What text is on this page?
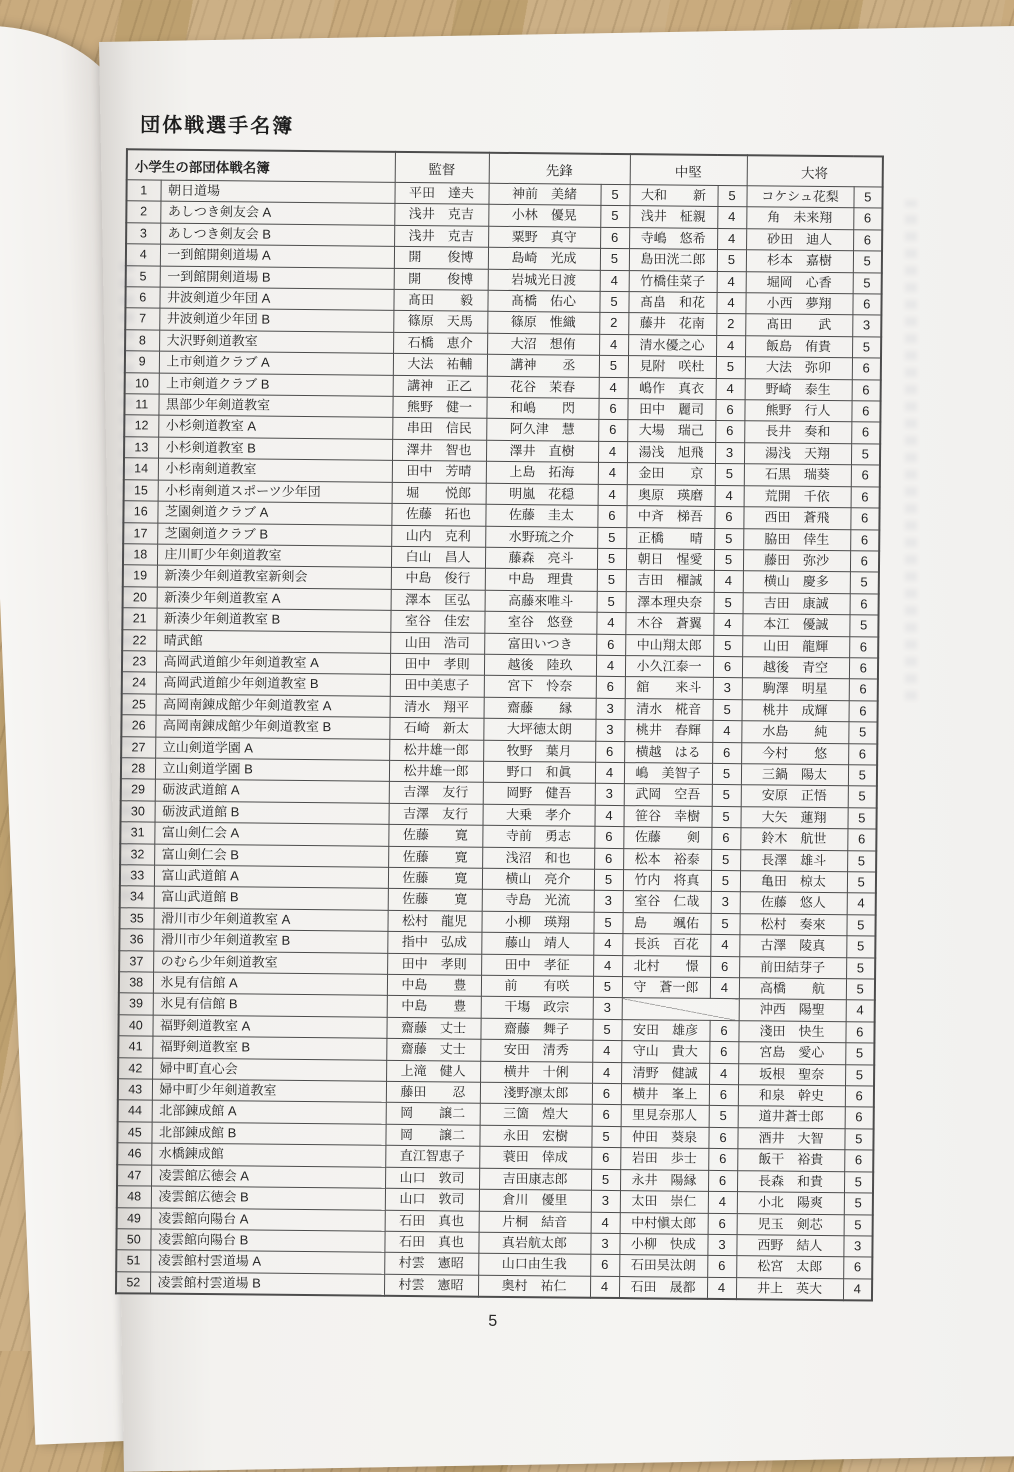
団体戦選手名簿
小学生の部団体戦名簿		監督	先鋒		中堅		大将	
1	朝日道場	平田　達夫	神前　美緒	5	大和　　新	5	コケシュ花梨	5
2	あしつき剣友会 A	浅井　克吉	小林　優晃	5	浅井　柾親	4	角　未来翔	6
3	あしつき剣友会 B	浅井　克吉	粟野　真守	6	寺嶋　悠希	4	砂田　迪人	6
4	一到館開剣道場 A	開　　俊博	島崎　光成	5	島田洸二郎	5	杉本　嘉樹	5
5	一到館開剣道場 B	開　　俊博	岩城光日渡	4	竹橋佳菜子	4	堀岡　心香	5
6	井波剣道少年団 A	髙田　　毅	髙橋　佑心	5	髙畠　和花	4	小西　夢翔	6
7	井波剣道少年団 B	篠原　天馬	篠原　惟織	2	藤井　花南	2	髙田　　武	3
8	大沢野剣道教室	石橋　恵介	大沼　想侑	4	清水優之心	4	飯島　侑貴	5
9	上市剣道クラブ A	大法　祐輔	講神　　丞	5	見附　咲杜	5	大法　弥卯	6
10	上市剣道クラブ B	講神　正乙	花谷　茉春	4	嶋作　真衣	4	野崎　泰生	6
11	黒部少年剣道教室	熊野　健一	和嶋　　閃	6	田中　麗司	6	熊野　行人	6
12	小杉剣道教室 A	串田　信民	阿久津　慧	6	大場　瑞己	6	長井　奏和	6
13	小杉剣道教室 B	澤井　智也	澤井　直樹	4	湯浅　旭飛	3	湯浅　天翔	5
14	小杉南剣道教室	田中　芳晴	上島　拓海	4	金田　　京	5	石黒　瑞葵	6
15	小杉南剣道スポーツ少年団	堀　　悦郎	明嵐　花穏	4	奥原　瑛磨	4	荒開　千依	6
16	芝園剣道クラブ A	佐藤　拓也	佐藤　圭太	6	中斉　梯吾	6	西田　蒼飛	6
17	芝園剣道クラブ B	山内　克利	水野琉之介	5	正橋　　晴	5	脇田　倖生	6
18	庄川町少年剣道教室	白山　昌人	藤森　亮斗	5	朝日　惺愛	5	藤田　弥沙	6
19	新湊少年剣道教室新剣会	中島　俊行	中島　理貴	5	吉田　櫂誠	4	横山　慶多	5
20	新湊少年剣道教室 A	澤本　匡弘	高藤來唯斗	5	澤本理央奈	5	吉田　康誠	6
21	新湊少年剣道教室 B	室谷　佳宏	室谷　悠登	4	木谷　蒼翼	4	本江　優誠	5
22	晴武館	山田　浩司	富田いつき	6	中山翔太郎	5	山田　龍輝	6
23	高岡武道館少年剣道教室 A	田中　孝則	越後　陸玖	4	小久江泰一	6	越後　青空	6
24	高岡武道館少年剣道教室 B	田中美恵子	宮下　怜奈	6	舘　　来斗	3	駒澤　明星	6
25	高岡南錬成館少年剣道教室 A	清水　翔平	齋藤　　縁	3	清水　椛音	5	桃井　成輝	6
26	高岡南錬成館少年剣道教室 B	石崎　新太	大坪徳太朗	3	桃井　春輝	4	水島　　純	5
27	立山剣道学園 A	松井雄一郎	牧野　葉月	6	横越　はる	6	今村　　悠	6
28	立山剣道学園 B	松井雄一郎	野口　和眞	4	嶋　美智子	5	三鍋　陽太	5
29	砺波武道館 A	吉澤　友行	岡野　健吾	3	武岡　空吾	5	安原　正悟	5
30	砺波武道館 B	吉澤　友行	大乗　孝介	4	笹谷　幸樹	5	大矢　蓮翔	5
31	富山剣仁会 A	佐藤　　寛	寺前　勇志	6	佐藤　　剣	6	鈴木　航世	6
32	富山剣仁会 B	佐藤　　寛	浅沼　和也	6	松本　裕泰	5	長澤　雄斗	5
33	富山武道館 A	佐藤　　寛	横山　亮介	5	竹内　将真	5	亀田　椋太	5
34	富山武道館 B	佐藤　　寛	寺島　光流	3	室谷　仁哉	3	佐藤　悠人	4
35	滑川市少年剣道教室 A	松村　龍児	小柳　瑛翔	5	島　　颯佑	5	松村　奏來	5
36	滑川市少年剣道教室 B	指中　弘成	藤山　靖人	4	長浜　百花	4	古澤　陵真	5
37	のむら少年剣道教室	田中　孝則	田中　孝征	4	北村　　憬	6	前田結芽子	5
38	氷見有信館 A	中島　　豊	前　　有咲	5	守　蒼一郎	4	高橋　　航	5
39	氷見有信館 B	中島　　豊	干塲　政宗	3			沖西　陽聖	4
40	福野剣道教室 A	齋藤　丈士	齋藤　舞子	5	安田　雄彦	6	淺田　快生	6
41	福野剣道教室 B	齋藤　丈士	安田　清秀	4	守山　貴大	6	宮島　愛心	5
42	婦中町直心会	上滝　健人	横井　十俐	4	清野　健誠	4	坂根　聖奈	5
43	婦中町少年剣道教室	藤田　　忍	淺野凛太郎	6	横井　峯上	6	和泉　幹史	6
44	北部錬成館 A	岡　　譲二	三箇　煌大	6	里見奈那人	5	道井蒼士郎	6
45	北部錬成館 B	岡　　譲二	永田　宏樹	5	仲田　葵泉	6	酒井　大智	5
46	水橋錬成館	直江智恵子	蓑田　倖成	6	岩田　歩士	6	飯干　裕貴	6
47	凌雲館広徳会 A	山口　敦司	吉田康志郎	5	永井　陽縁	6	長森　和貴	5
48	凌雲館広徳会 B	山口　敦司	倉川　優里	3	太田　崇仁	4	小北　陽爽	5
49	凌雲館向陽台 A	石田　真也	片桐　結音	4	中村愼太郎	6	児玉　剣芯	5
50	凌雲館向陽台 B	石田　真也	真岩航太郎	3	小柳　快成	3	西野　結人	3
51	凌雲館村雲道場 A	村雲　憲昭	山口由生我	6	石田昊汰朗	6	松宮　太郎	6
52	凌雲館村雲道場 B	村雲　憲昭	奥村　祐仁	4	石田　晟都	4	井上　英大	4
5
